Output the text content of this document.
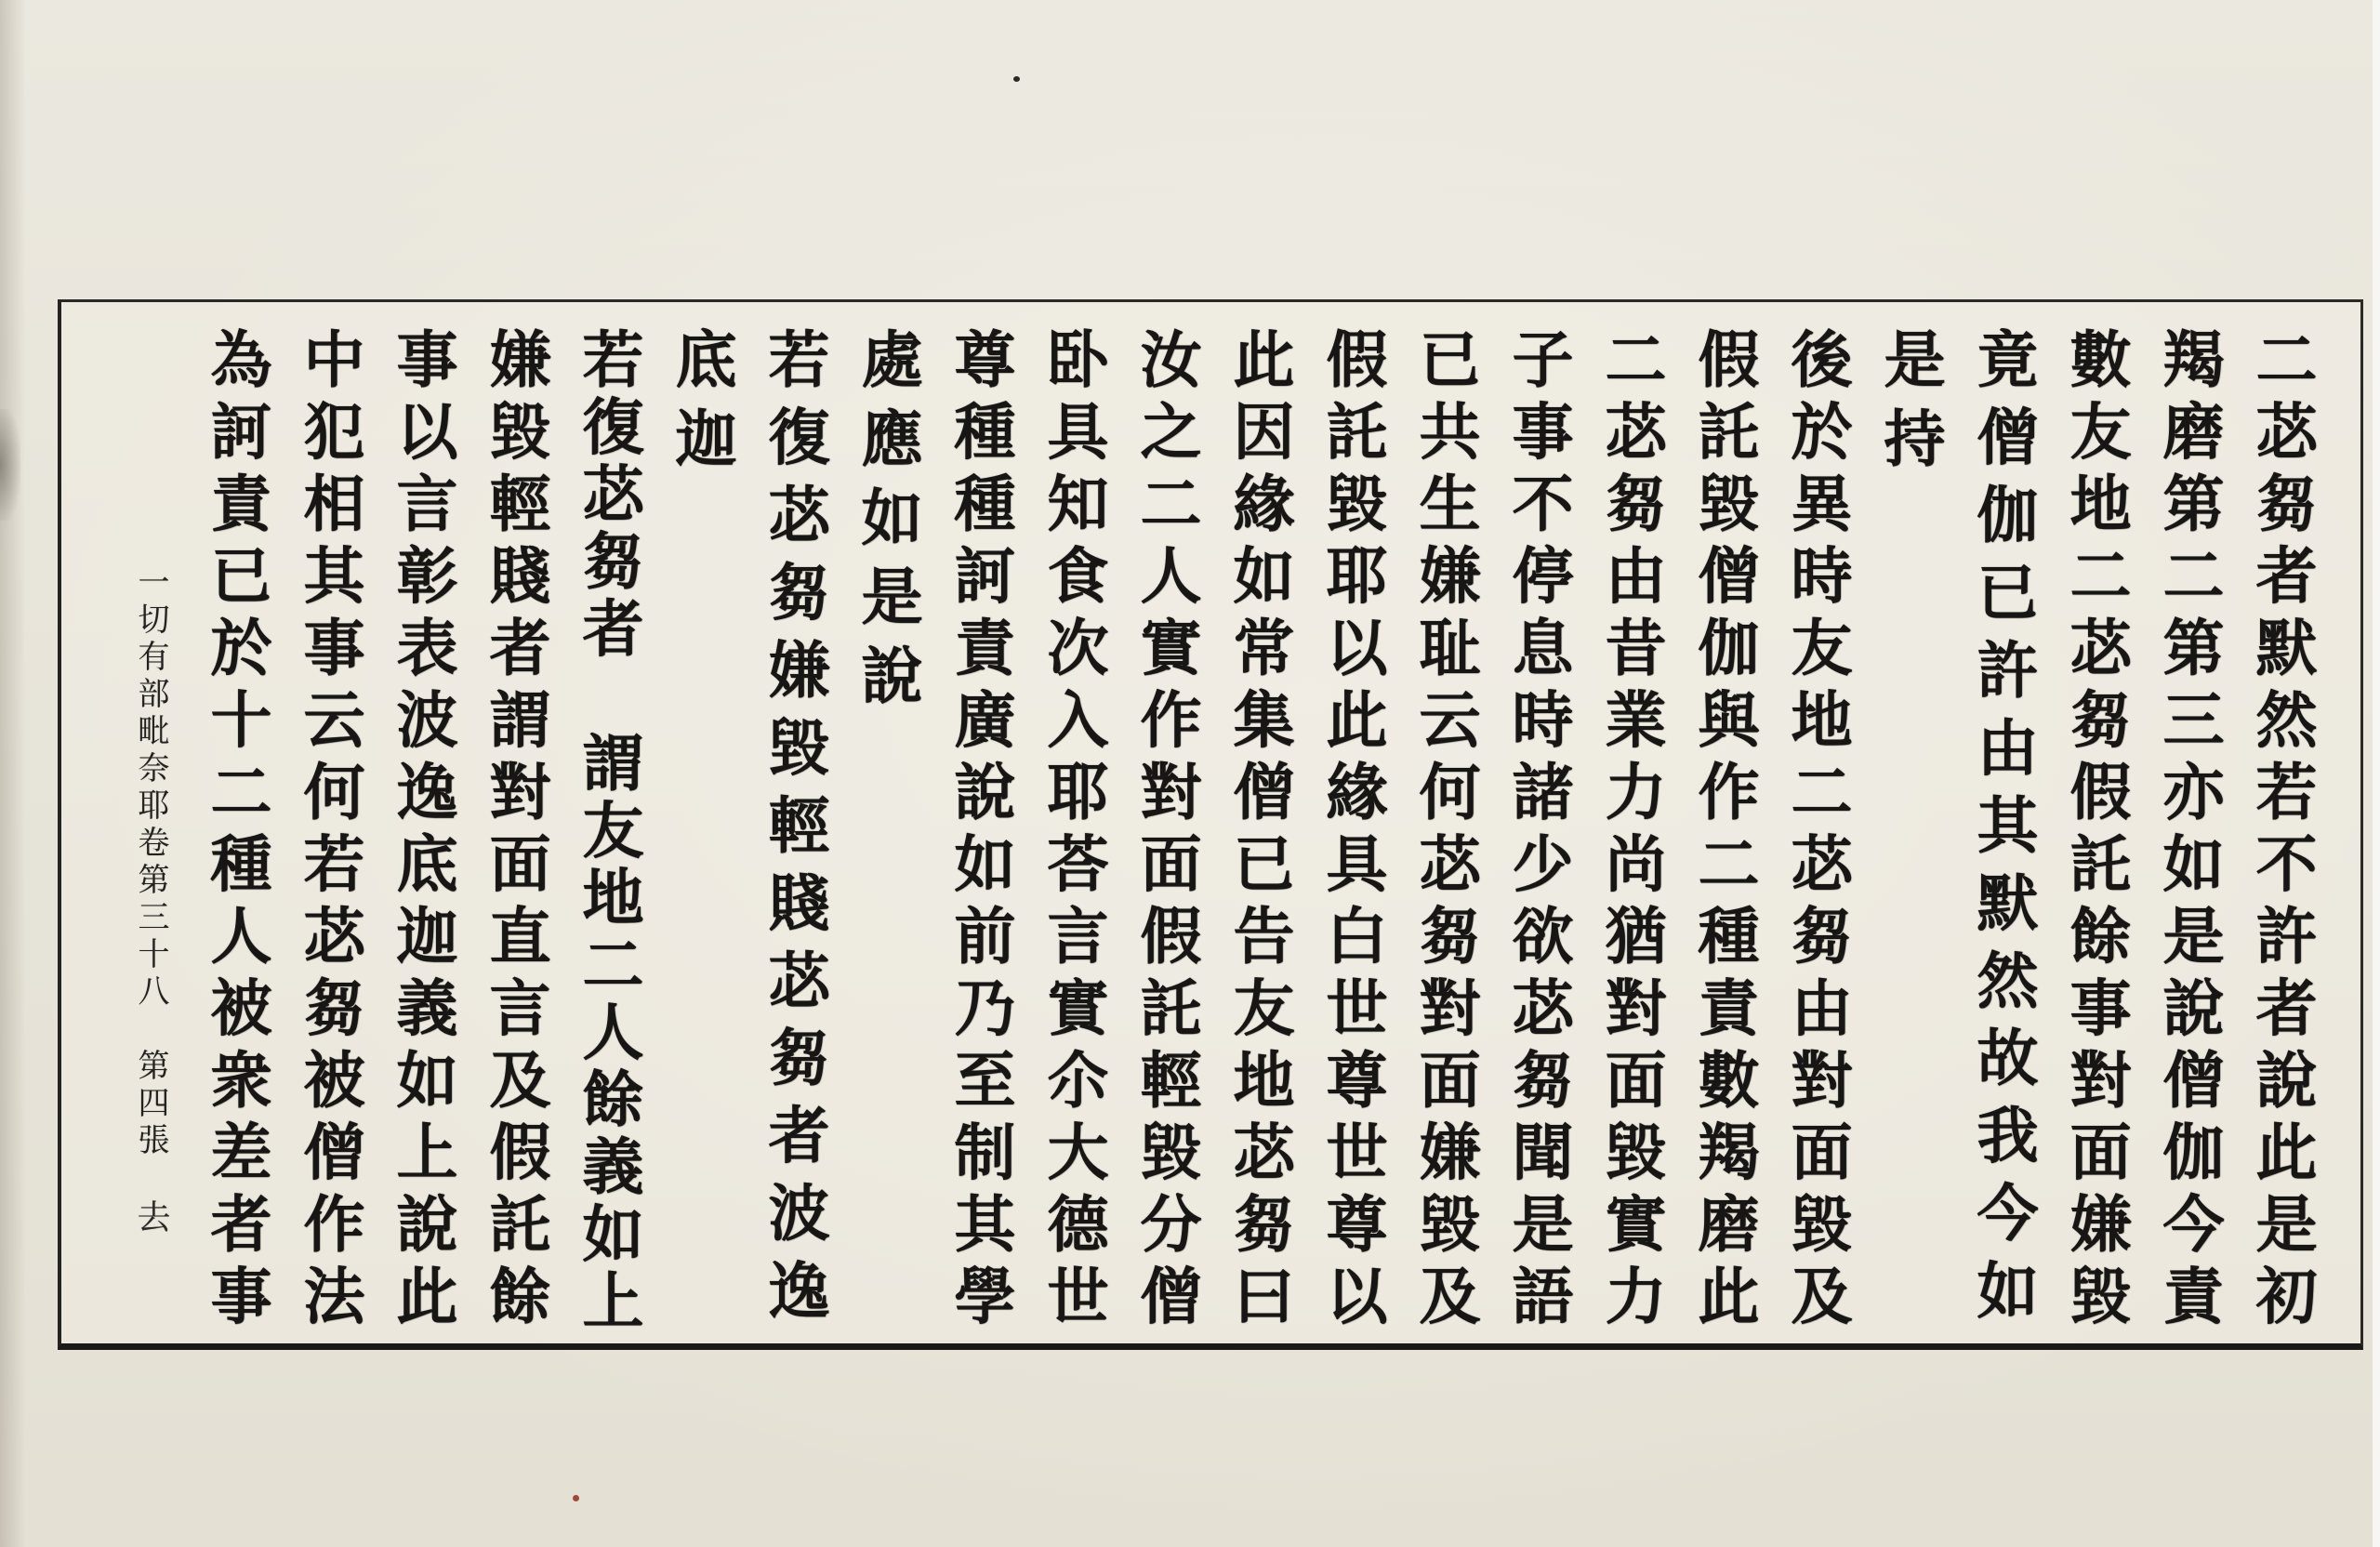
二苾芻者默然若不許者說此是初
羯磨第二第三亦如是說僧伽今責
數友地二苾芻假託餘事對面嫌毀
竟僧伽已許由其默然故我今如
是持
後於異時友地二苾芻由對面毀及
假託毀僧伽與作二種責數羯磨此
二苾芻由昔業力尚猶對面毀實力
子事不停息時諸少欲苾芻聞是語
已共生嫌耻云何苾芻對面嫌毀及
假託毀耶以此緣具白世尊世尊以
此因緣如常集僧已告友地苾芻曰
汝之二人實作對面假託輕毀分僧
卧具知食次入耶荅言實尒大德世
尊種種訶責廣說如前乃至制其學
處應如是說
若復苾芻嫌毀輕賤苾芻者波逸
底迦
若復苾芻者　謂友地二人餘義如上
嫌毀輕賤者謂對面直言及假託餘
事以言彰表波逸底迦義如上說此
中犯相其事云何若苾芻被僧作法
為訶責已於十二種人被衆差者事
一切有部毗奈耶卷第三十八　第四張
去
